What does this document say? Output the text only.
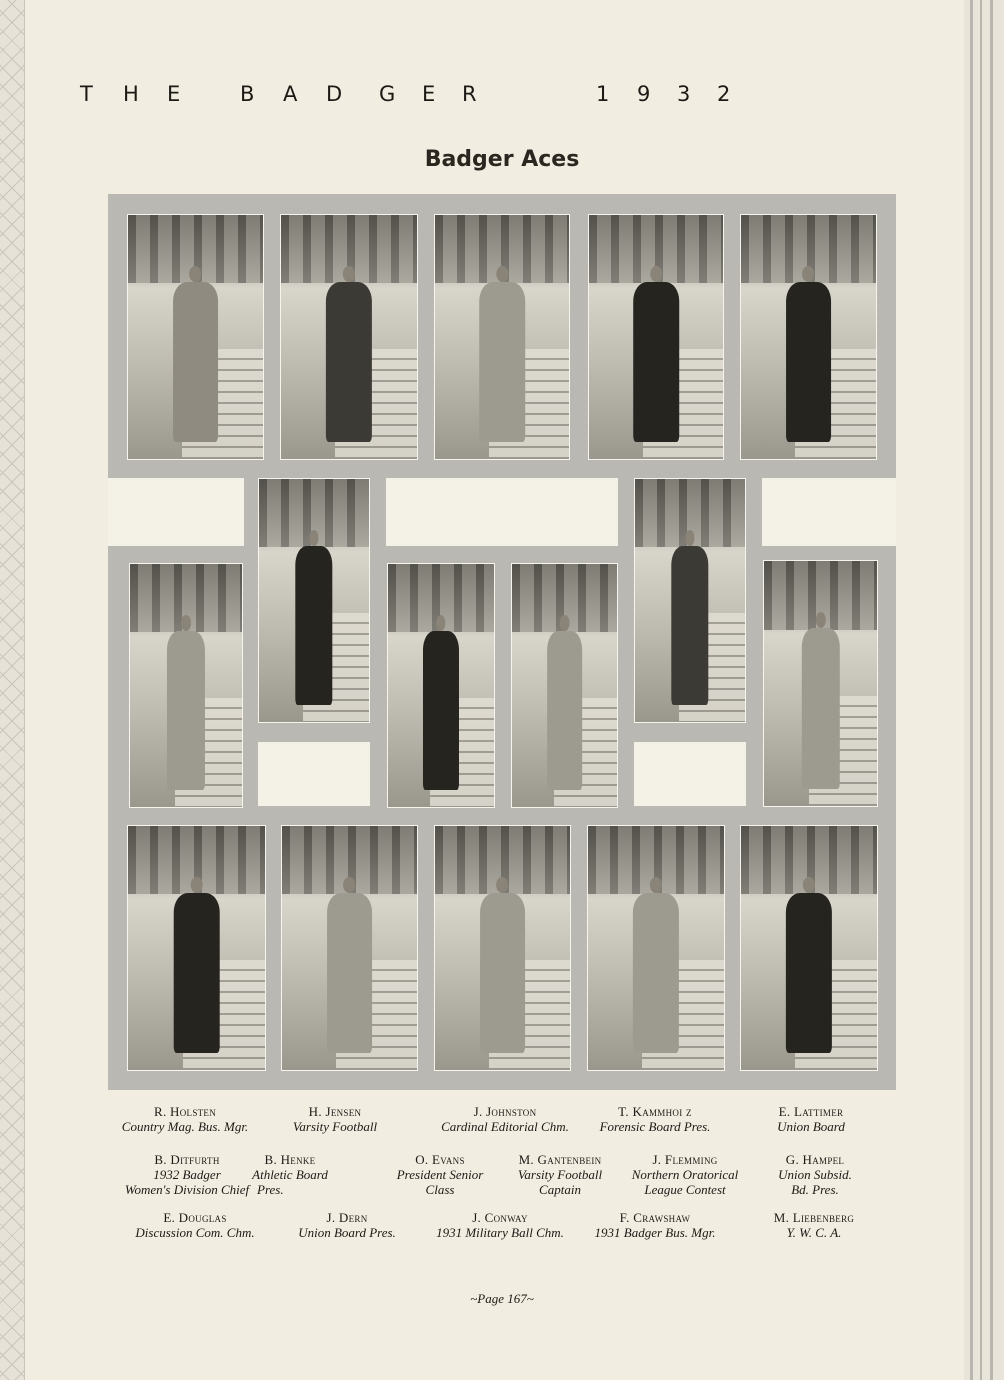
T H E	B A D G E R	1 9 3 2
Badger Aces
R. Holsten
Country Mag. Bus. Mgr.
H. Jensen
Varsity Football
J. Johnston
Cardinal Editorial Chm.
T. Kammhoi z
Forensic Board Pres.
E. Lattimer
Union Board
B. Ditfurth
1932 Badger
Women's Division Chief
B. Henke
Athletic Board
Pres.
O. Evans
President Senior
Class
M. Gantenbein
Varsity Football
Captain
J. Flemming
Northern Oratorical
League Contest
G. Hampel
Union Subsid.
Bd. Pres.
E. Douglas
Discussion Com. Chm.
J. Dern
Union Board Pres.
J. Conway
1931 Military Ball Chm.
F. Crawshaw
1931 Badger Bus. Mgr.
M. Liebenberg
Y. W. C. A.
~Page 167~
